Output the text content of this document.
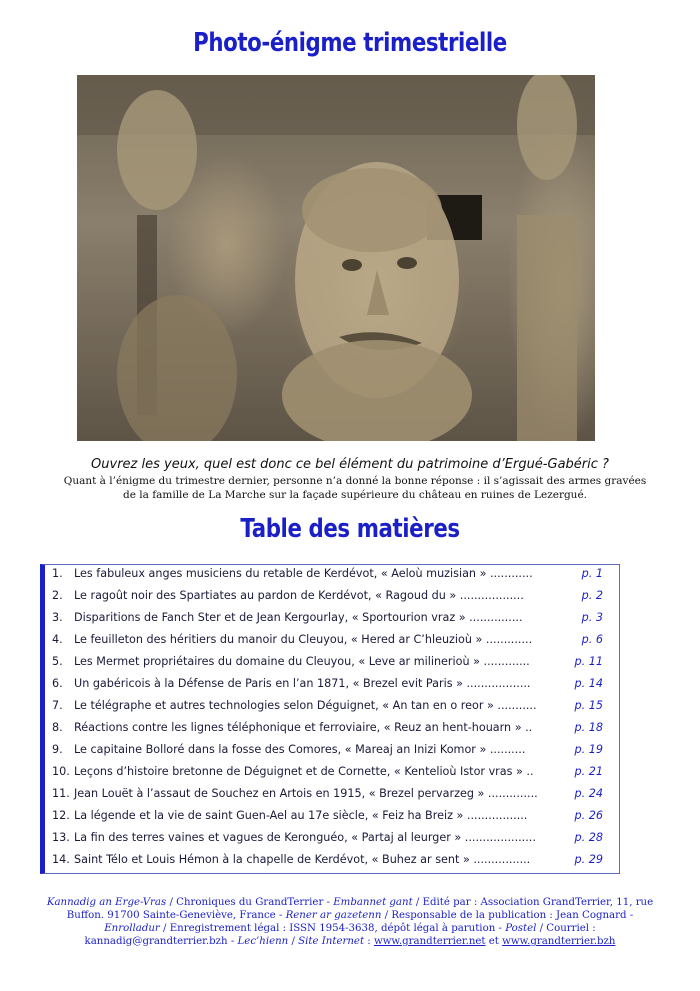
Photo-énigme trimestrielle
Ouvrez les yeux, quel est donc ce bel élément du patrimoine d’Ergué-Gabéric ?
Quant à l’énigme du trimestre dernier, personne n’a donné la bonne réponse : il s’agissait des armes gravées de la famille de La Marche sur la façade supérieure du château en ruines de Lezergué.
Table des matières
1. Les fabuleux anges musiciens du retable de Kerdévot, « Aeloù muzisian » ............	p. 1
2. Le ragoût noir des Spartiates au pardon de Kerdévot, « Ragoud du » ..................	p. 2
3. Disparitions de Fanch Ster et de Jean Kergourlay, « Sportourion vraz » ...............	p. 3
4. Le feuilleton des héritiers du manoir du Cleuyou, « Hered ar C’hleuzioù » .............	p. 6
5. Les Mermet propriétaires du domaine du Cleuyou, « Leve ar milinerioù » .............	p. 11
6. Un gabéricois à la Défense de Paris en l’an 1871, « Brezel evit Paris » ..................	p. 14
7. Le télégraphe et autres technologies selon Déguignet, « An tan en o reor » ...........	p. 15
8. Réactions contre les lignes téléphonique et ferroviaire, « Reuz an hent-houarn » ..	p. 18
9. Le capitaine Bolloré dans la fosse des Comores, « Mareaj an Inizi Komor » ..........	p. 19
10. Leçons d’histoire bretonne de Déguignet et de Cornette, « Kentelioù Istor vras » ..	p. 21
11. Jean Louët à l’assaut de Souchez en Artois en 1915, « Brezel pervarzeg » ..............	p. 24
12. La légende et la vie de saint Guen-Ael au 17e siècle, « Feiz ha Breiz » .................	p. 26
13. La fin des terres vaines et vagues de Keronguéo, « Partaj al leurger » ....................	p. 28
14. Saint Télo et Louis Hémon à la chapelle de Kerdévot, « Buhez ar sent » ................	p. 29
Kannadig an Erge-Vras / Chroniques du GrandTerrier - Embannet gant / Edité par : Association GrandTerrier, 11, rue Buffon. 91700 Sainte-Geneviève, France - Rener ar gazetenn / Responsable de la publication : Jean Cognard - Enrolladur / Enregistrement légal : ISSN 1954-3638, dépôt légal à parution - Postel / Courriel : kannadig@grandterrier.bzh - Lec’hienn / Site Internet : www.grandterrier.net et www.grandterrier.bzh
